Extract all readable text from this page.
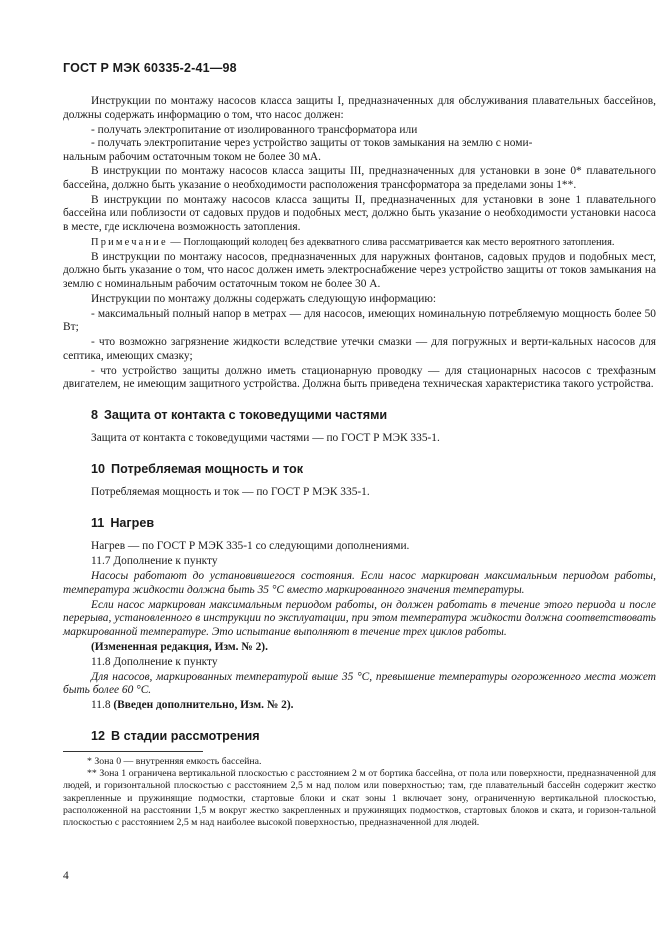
ГОСТ Р МЭК 60335-2-41—98

Инструкции по монтажу насосов класса защиты I, предназначенных для обслуживания плавательных бассейнов, должны содержать информацию о том, что насос должен:

- получать электропитание от изолированного трансформатора или

- получать электропитание через устройство защиты от токов замыкания на землю с номи-

нальным рабочим остаточным током не более 30 мА.

В инструкции по монтажу насосов класса защиты III, предназначенных для установки в зоне 0* плавательного бассейна, должно быть указание о необходимости расположения трансформатора за пределами зоны 1**.

В инструкции по монтажу насосов класса защиты II, предназначенных для установки в зоне 1 плавательного бассейна или поблизости от садовых прудов и подобных мест, должно быть указание о необходимости установки насоса в месте, где исключена возможность затопления.

Примечание — Поглощающий колодец без адекватного слива рассматривается как место вероятного затопления.

В инструкции по монтажу насосов, предназначенных для наружных фонтанов, садовых прудов и подобных мест, должно быть указание о том, что насос должен иметь электроснабжение через устройство защиты от токов замыкания на землю с номинальным рабочим остаточным током не более 30 А.

Инструкции по монтажу должны содержать следующую информацию:

- максимальный полный напор в метрах — для насосов, имеющих номинальную потребляемую мощность более 50 Вт;

- что возможно загрязнение жидкости вследствие утечки смазки — для погружных и верти-кальных насосов для септика, имеющих смазку;

- что устройство защиты должно иметь стационарную проводку — для стационарных насосов с трехфазным двигателем, не имеющим защитного устройства. Должна быть приведена техническая характеристика такого устройства.

8 Защита от контакта с токоведущими частями

Защита от контакта с токоведущими частями — по ГОСТ Р МЭК 335-1.

10 Потребляемая мощность и ток

Потребляемая мощность и ток — по ГОСТ Р МЭК 335-1.

11 Нагрев

Нагрев — по ГОСТ Р МЭК 335-1 со следующими дополнениями.

11.7 Дополнение к пункту

Насосы работают до установившегося состояния. Если насос маркирован максимальным периодом работы, температура жидкости должна быть 35 °С вместо маркированного значения температуры.

Если насос маркирован максимальным периодом работы, он должен работать в течение этого периода и после перерыва, установленного в инструкции по эксплуатации, при этом температура жидкости должна соответствовать маркированной температуре. Это испытание выполняют в течение трех циклов работы.

(Измененная редакция, Изм. № 2).

11.8 Дополнение к пункту

Для насосов, маркированных температурой выше 35 °С, превышение температуры огороженного места может быть более 60 °С.

11.8 (Введен дополнительно, Изм. № 2).

12 В стадии рассмотрения

* Зона 0 — внутренняя емкость бассейна.

** Зона 1 ограничена вертикальной плоскостью с расстоянием 2 м от бортика бассейна, от пола или поверхности, предназначенной для людей, и горизонтальной плоскостью с расстоянием 2,5 м над полом или поверхностью; там, где плавательный бассейн содержит жестко закрепленные и пружинящие подмостки, стартовые блоки и скат зоны 1 включает зону, ограниченную вертикальной плоскостью, расположенной на расстоянии 1,5 м вокруг жестко закрепленных и пружинящих подмостков, стартовых блоков и ската, и горизон-тальной плоскостью с расстоянием 2,5 м над наиболее высокой поверхностью, предназначенной для людей.

4
